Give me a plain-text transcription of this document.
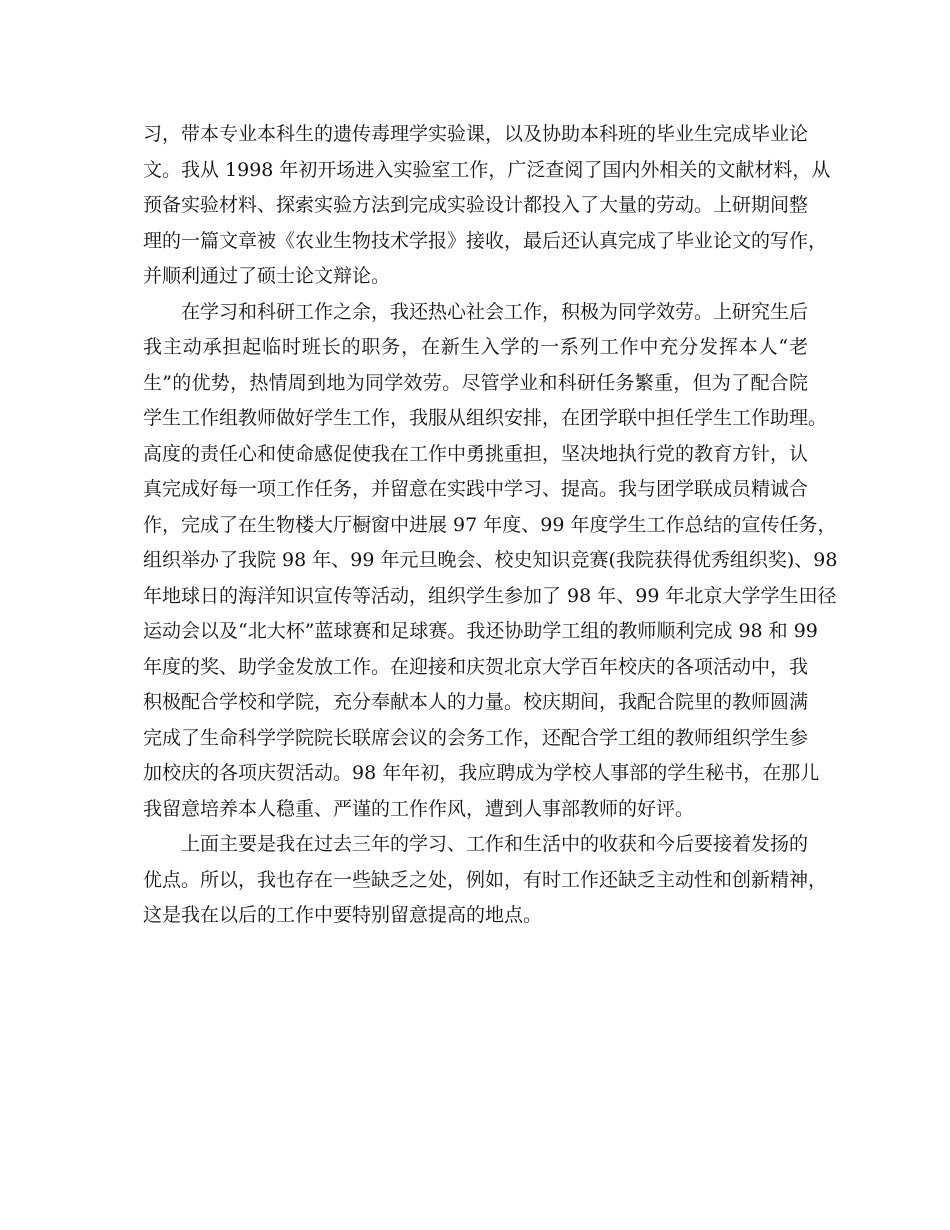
习，带本专业本科生的遗传毒理学实验课，以及协助本科班的毕业生完成毕业论
文。我从 1998 年初开场进入实验室工作，广泛查阅了国内外相关的文献材料，从
预备实验材料、探索实验方法到完成实验设计都投入了大量的劳动。上研期间整
理的一篇文章被《农业生物技术学报》接收，最后还认真完成了毕业论文的写作，
并顺利通过了硕士论文辩论。
在学习和科研工作之余，我还热心社会工作，积极为同学效劳。上研究生后
我主动承担起临时班长的职务，在新生入学的一系列工作中充分发挥本人“老
生”的优势，热情周到地为同学效劳。尽管学业和科研任务繁重，但为了配合院
学生工作组教师做好学生工作，我服从组织安排，在团学联中担任学生工作助理。
高度的责任心和使命感促使我在工作中勇挑重担，坚决地执行党的教育方针，认
真完成好每一项工作任务，并留意在实践中学习、提高。我与团学联成员精诚合
作，完成了在生物楼大厅橱窗中进展 97 年度、99 年度学生工作总结的宣传任务，
组织举办了我院 98 年、99 年元旦晚会、校史知识竞赛(我院获得优秀组织奖)、98
年地球日的海洋知识宣传等活动，组织学生参加了 98 年、99 年北京大学学生田径
运动会以及“北大杯”蓝球赛和足球赛。我还协助学工组的教师顺利完成 98 和 99
年度的奖、助学金发放工作。在迎接和庆贺北京大学百年校庆的各项活动中，我
积极配合学校和学院，充分奉献本人的力量。校庆期间，我配合院里的教师圆满
完成了生命科学学院院长联席会议的会务工作，还配合学工组的教师组织学生参
加校庆的各项庆贺活动。98 年年初，我应聘成为学校人事部的学生秘书，在那儿
我留意培养本人稳重、严谨的工作作风，遭到人事部教师的好评。
上面主要是我在过去三年的学习、工作和生活中的收获和今后要接着发扬的
优点。所以，我也存在一些缺乏之处，例如，有时工作还缺乏主动性和创新精神，
这是我在以后的工作中要特别留意提高的地点。
